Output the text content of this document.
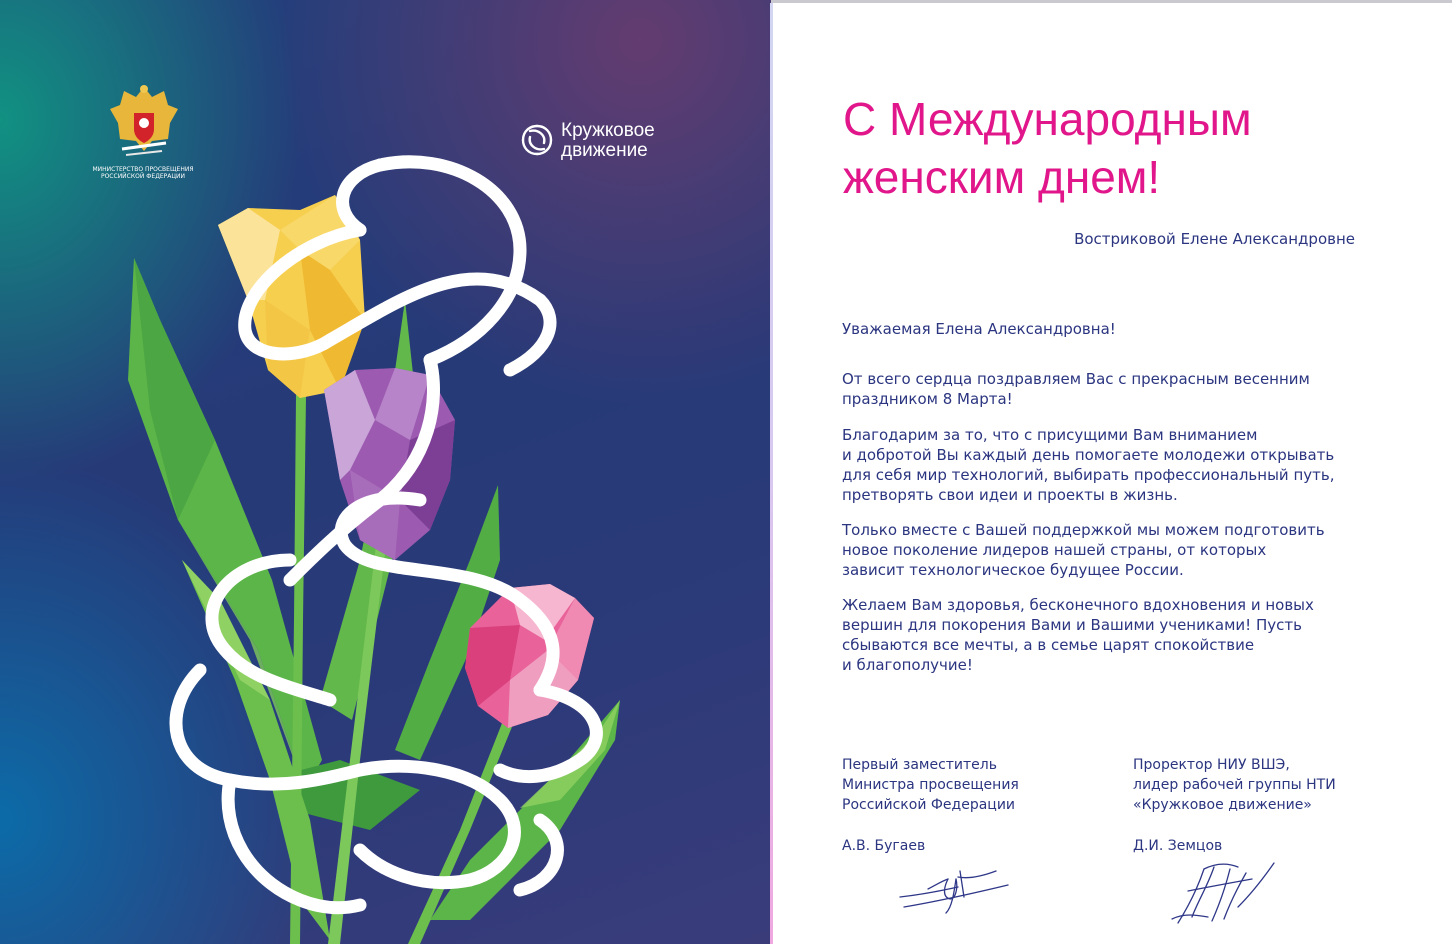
МИНИСТЕРСТВО ПРОСВЕЩЕНИЯ
РОССИЙСКОЙ ФЕДЕРАЦИИ
Кружкoвое
движение
С Международным
женским днем!
Востриковой Елене Александровне

Уважаемая Елена Александровна!

От всего сердца поздравляем Вас с прекрасным весенним
праздником 8 Марта!

Благодарим за то, что с присущими Вам вниманием
и добротой Вы каждый день помогаете молодежи открывать
для себя мир технологий, выбирать профессиональный путь,
претворять свои идеи и проекты в жизнь.

Только вместе с Вашей поддержкой мы можем подготовить
новое поколение лидеров нашей страны, от которых
зависит технологическое будущее России.

Желаем Вам здоровья, бесконечного вдохновения и новых
вершин для покорения Вами и Вашими учениками! Пусть
сбываются все мечты, а в семье царят спокойствие
и благополучие!

Первый заместитель
Министра просвещения
Российской Федерации
Проректор НИУ ВШЭ,
лидер рабочей группы НТИ
«Кружковое движение»
А.В. Бугаев	Д.И. Земцов
